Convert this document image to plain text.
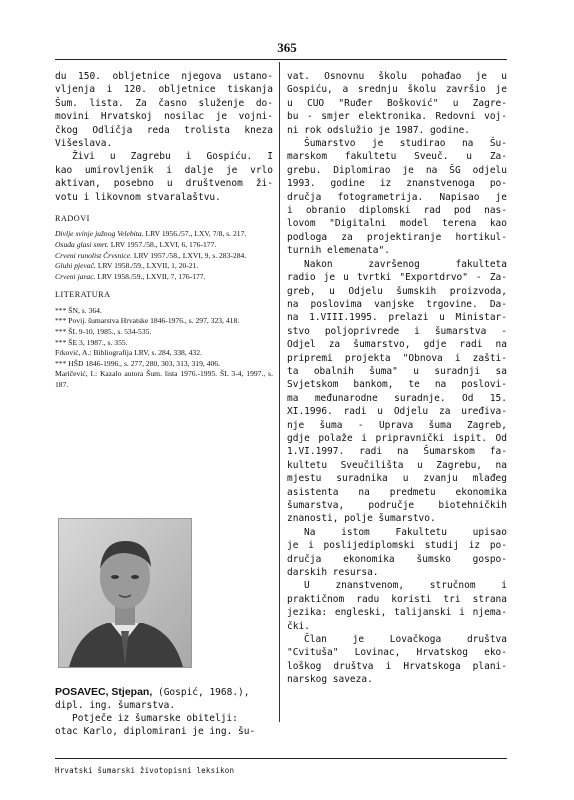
365
du 150. obljetnice njegova ustano-
vljenja i 120. obljetnice tiskanja
Šum. lista. Za časno služenje do-
movini Hrvatskoj nosilac je vojni-
čkog Odličja reda trolista kneza
Višeslava.
Živi u Zagrebu i Gospiću. I
kao umirovljenik i dalje je vrlo
aktivan, posebno u društvenom ži-
votu i likovnom stvaralaštvu.
RADOVI

Divlje svinje južnog Velebita. LRV 1956./57., LXV, 7/8, s. 217.

Osuđa glasi smrt. LRV 1957./58., LXVI, 6, 176-177.

Crveni runolist Črvsnice. LRV 1957./58., LXVI, 9, s. 283-284.

Gluhi pjevač. LRV 1958./59., LXVII, 1, 20-21.

Crveni jarac. LRV 1958./59., LXVII, 7, 176-177.

LITERATURA

*** ŠN, s. 364.

*** Povij. šumarstva Hrvatske 1846-1976., s. 297, 323, 418.

*** ŠL 9-10, 1985., s. 534-535.

*** ŠE 3, 1987., s. 355.

Frković, A.: Bibliografija LRV, s. 284, 338, 432.

*** HŠD 1846-1996., s. 277, 280, 303, 313, 319, 406.

Maričević, I.: Kazalo autora Šum. lista 1976.-1995. ŠL 3-4, 1997., s. 187.

POSAVEC, Stjepan, (Gospić, 1968.),
dipl. ing. šumarstva.
Potječe iz šumarske obitelji:
otac Karlo, diplomirani je ing. šu-
vat. Osnovnu školu pohađao je u
Gospiću, a srednju školu završio je
u CUO "Ruđer Bošković" u Zagre-
bu - smjer elektronika. Redovni voj-
ni rok odslužio je 1987. godine.
Šumarstvo je studirao na Šu-
marskom fakultetu Sveuč. u Za-
grebu. Diplomirao je na ŠG odjelu
1993. godine iz znanstvenoga po-
dručja fotogrametrija. Napisao je
i obranio diplomski rad pod nas-
lovom "Digitalni model terena kao
podloga za projektiranje hortikul-
turnih elemenata".
Nakon završenog fakulteta
radio je u tvrtki "Exportdrvo" - Za-
greb, u Odjelu šumskih proizvoda,
na poslovima vanjske trgovine. Da-
na 1.VIII.1995. prelazi u Ministar-
stvo poljoprivrede i šumarstva -
Odjel za šumarstvo, gdje radi na
pripremi projekta "Obnova i zašti-
ta obalnih šuma" u suradnji sa
Svjetskom bankom, te na poslovi-
ma međunarodne suradnje. Od 15.
XI.1996. radi u Odjelu za uređiva-
nje šuma - Uprava šuma Zagreb,
gdje polaže i pripravnički ispit. Od
1.VI.1997. radi na Šumarskom fa-
kultetu Sveučilišta u Zagrebu, na
mjestu suradnika u zvanju mlađeg
asistenta na predmetu ekonomika
šumarstva, područje biotehničkih
znanosti, polje šumarstvo.
Na istom Fakultetu upisao
je i poslijediplomski studij iz po-
dručja ekonomika šumsko gospo-
darskih resursa.
U znanstvenom, stručnom i
praktičnom radu koristi tri strana
jezika: engleski, talijanski i njema-
čki.
Član je Lovačkoga društva
"Cvituša" Lovinac, Hrvatskog eko-
loškog društva i Hrvatskoga plani-
narskog saveza.
Hrvatski šumarski životopisni leksikon
